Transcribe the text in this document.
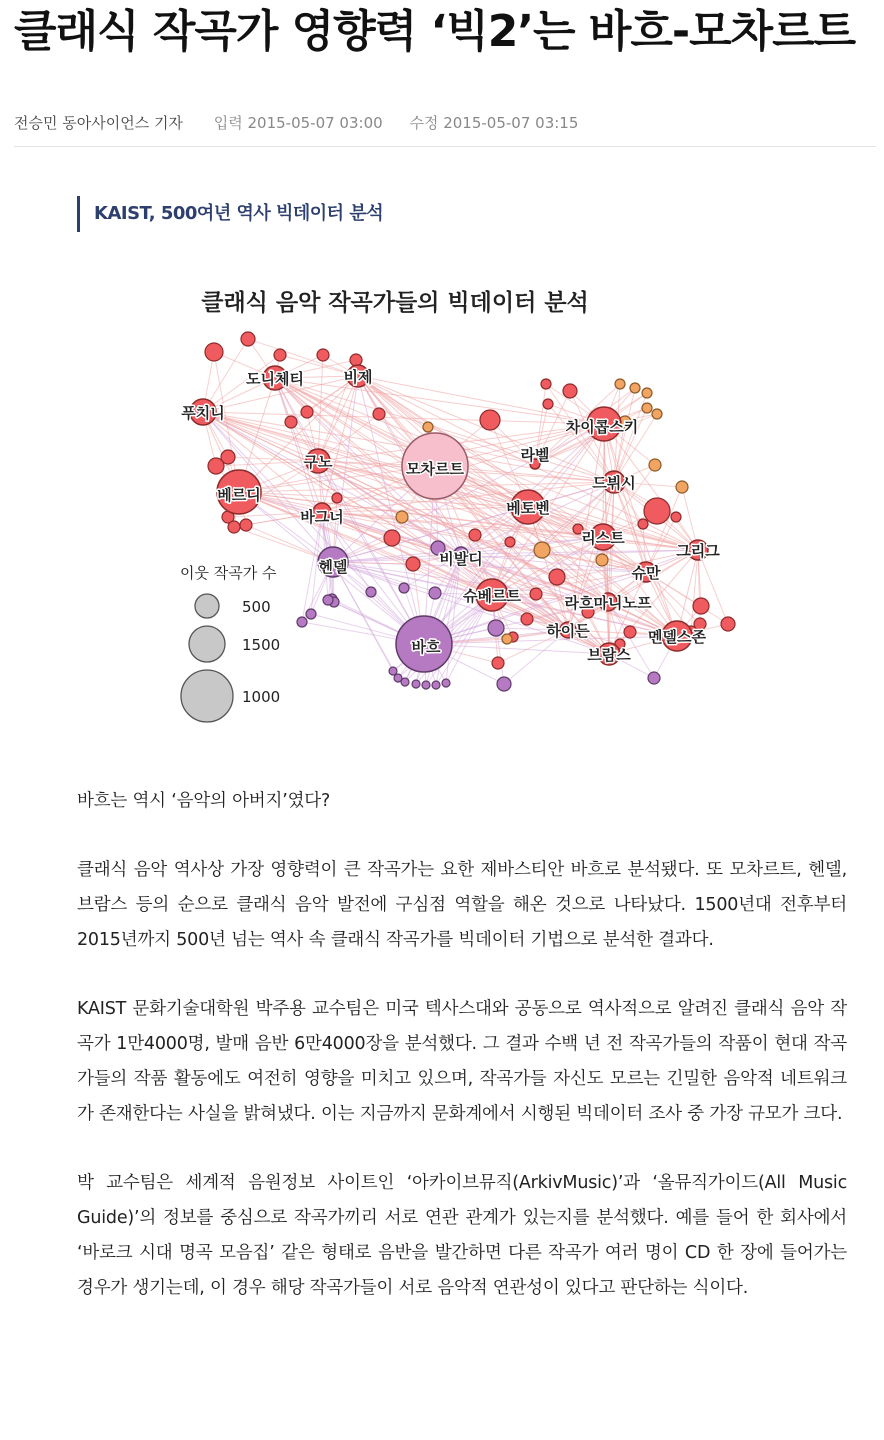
클래식 작곡가 영향력 ‘빅2’는 바흐-모차르트
전승민 동아사이언스 기자 입력 2015-05-07 03:00 수정 2015-05-07 03:15
KAIST, 500여년 역사 빅데이터 분석
클래식 음악 작곡가들의 빅데이터 분석
도니체티	비제
푸치니
차이콥스키
구노	모차르트
라벨
베르디
드뷔시
베토벤
바그너
리스트
그리그
헨델	비발디
슈만
슈베르트	라흐마니노프
하이든	멘델스존
바흐	브람스
이웃 작곡가 수
500
1500
1000

바흐는 역시 ‘음악의 아버지’였다?

클래식 음악 역사상 가장 영향력이 큰 작곡가는 요한 제바스티안 바흐로 분석됐다. 또 모차르트, 헨델, 브람스 등의 순으로 클래식 음악 발전에 구심점 역할을 해온 것으로 나타났다. 1500년대 전후부터 2015년까지 500년 넘는 역사 속 클래식 작곡가를 빅데이터 기법으로 분석한 결과다.

KAIST 문화기술대학원 박주용 교수팀은 미국 텍사스대와 공동으로 역사적으로 알려진 클래식 음악 작곡가 1만4000명, 발매 음반 6만4000장을 분석했다. 그 결과 수백 년 전 작곡가들의 작품이 현대 작곡가들의 작품 활동에도 여전히 영향을 미치고 있으며, 작곡가들 자신도 모르는 긴밀한 음악적 네트워크가 존재한다는 사실을 밝혀냈다. 이는 지금까지 문화계에서 시행된 빅데이터 조사 중 가장 규모가 크다.

박 교수팀은 세계적 음원정보 사이트인 ‘아카이브뮤직(ArkivMusic)’과 ‘올뮤직가이드(All Music Guide)’의 정보를 중심으로 작곡가끼리 서로 연관 관계가 있는지를 분석했다. 예를 들어 한 회사에서 ‘바로크 시대 명곡 모음집’ 같은 형태로 음반을 발간하면 다른 작곡가 여러 명이 CD 한 장에 들어가는 경우가 생기는데, 이 경우 해당 작곡가들이 서로 음악적 연관성이 있다고 판단하는 식이다.
